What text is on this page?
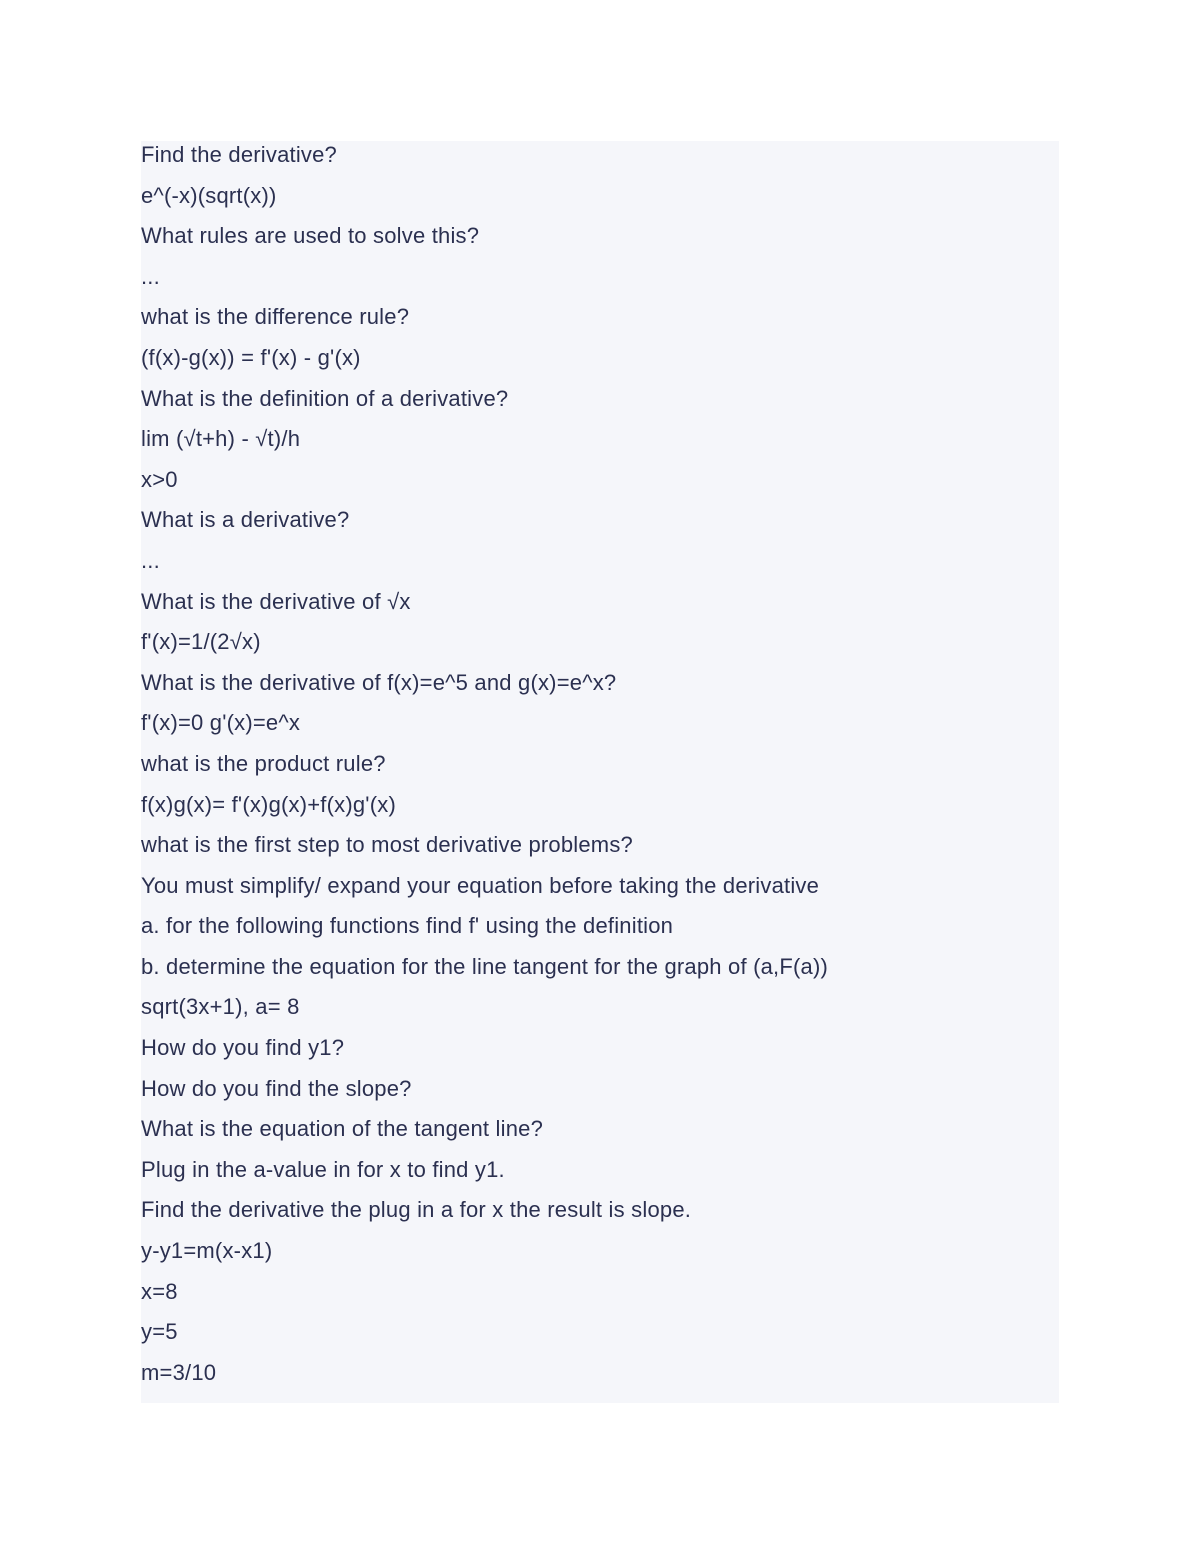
Find the derivative?
e^(-x)(sqrt(x))
What rules are used to solve this?
...
what is the difference rule?
(f(x)-g(x)) = f'(x) - g'(x)
What is the definition of a derivative?
lim (√t+h) - √t)/h
x>0
What is a derivative?
...
What is the derivative of √x
f'(x)=1/(2√x)
What is the derivative of f(x)=e^5 and g(x)=e^x?
f'(x)=0 g'(x)=e^x
what is the product rule?
f(x)g(x)= f'(x)g(x)+f(x)g'(x)
what is the first step to most derivative problems?
You must simplify/ expand your equation before taking the derivative
a. for the following functions find f' using the definition
b. determine the equation for the line tangent for the graph of (a,F(a))
sqrt(3x+1), a= 8
How do you find y1?
How do you find the slope?
What is the equation of the tangent line?
Plug in the a-value in for x to find y1.
Find the derivative the plug in a for x the result is slope.
y-y1=m(x-x1)
x=8
y=5
m=3/10
